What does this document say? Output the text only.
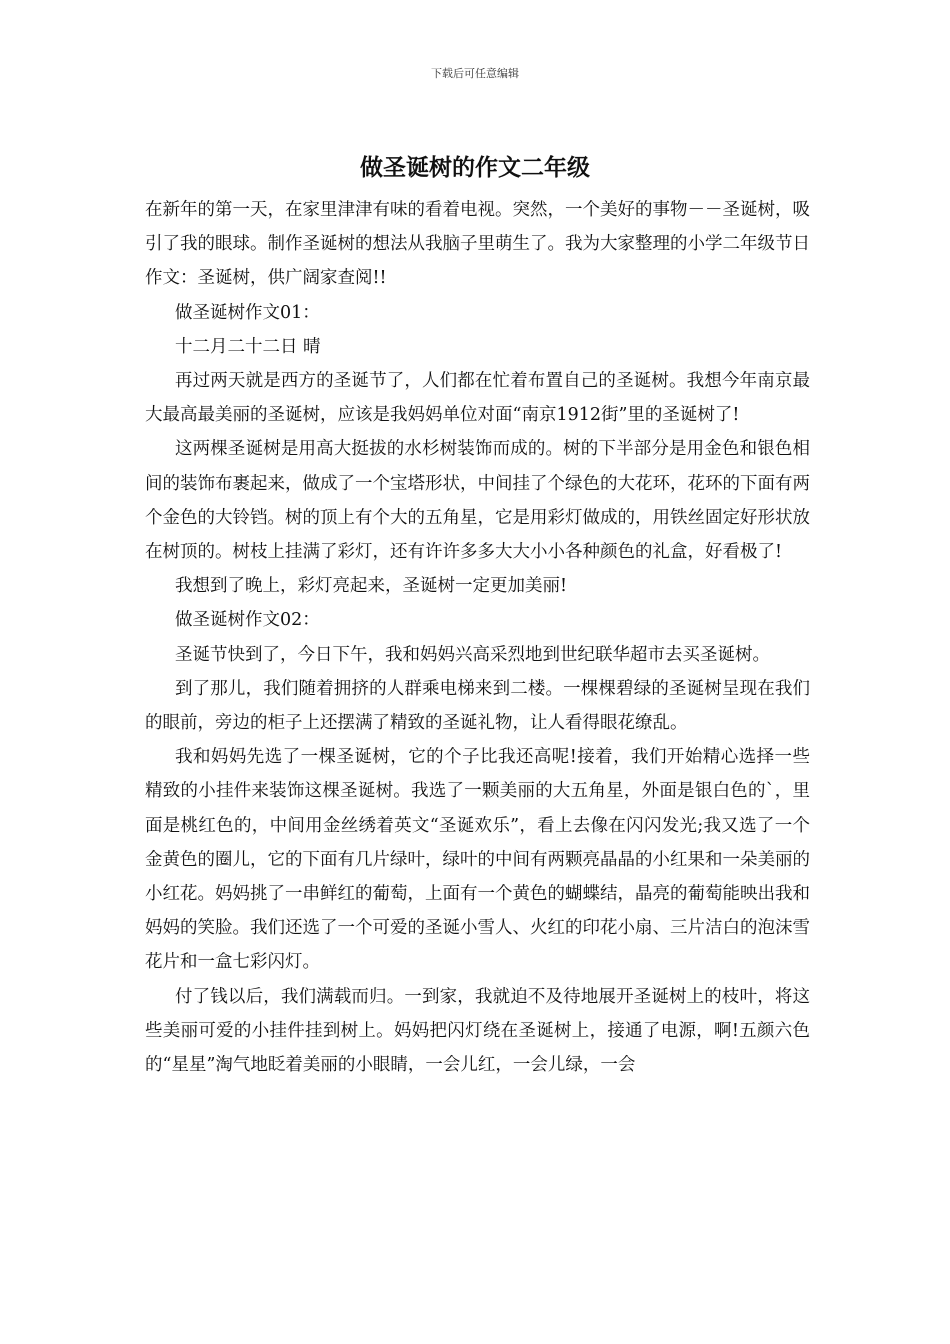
下载后可任意编辑
做圣诞树的作文二年级

在新年的第一天，在家里津津有味的看着电视。突然，一个美好的事物－－圣诞树，吸引了我的眼球。制作圣诞树的想法从我脑子里萌生了。我为大家整理的小学二年级节日作文：圣诞树，供广阔家查阅!!

做圣诞树作文01：

十二月二十二日 晴

再过两天就是西方的圣诞节了，人们都在忙着布置自己的圣诞树。我想今年南京最大最高最美丽的圣诞树，应该是我妈妈单位对面“南京1912街”里的圣诞树了!

这两棵圣诞树是用高大挺拔的水杉树装饰而成的。树的下半部分是用金色和银色相间的装饰布裹起来，做成了一个宝塔形状，中间挂了个绿色的大花环，花环的下面有两个金色的大铃铛。树的顶上有个大的五角星，它是用彩灯做成的，用铁丝固定好形状放在树顶的。树枝上挂满了彩灯，还有许许多多大大小小各种颜色的礼盒，好看极了!

我想到了晚上，彩灯亮起来，圣诞树一定更加美丽!

做圣诞树作文02：

圣诞节快到了，今日下午，我和妈妈兴高采烈地到世纪联华超市去买圣诞树。

到了那儿，我们随着拥挤的人群乘电梯来到二楼。一棵棵碧绿的圣诞树呈现在我们的眼前，旁边的柜子上还摆满了精致的圣诞礼物，让人看得眼花缭乱。

我和妈妈先选了一棵圣诞树，它的个子比我还高呢!接着，我们开始精心选择一些精致的小挂件来装饰这棵圣诞树。我选了一颗美丽的大五角星，外面是银白色的`，里面是桃红色的，中间用金丝绣着英文“圣诞欢乐”，看上去像在闪闪发光;我又选了一个金黄色的圈儿，它的下面有几片绿叶，绿叶的中间有两颗亮晶晶的小红果和一朵美丽的小红花。妈妈挑了一串鲜红的葡萄，上面有一个黄色的蝴蝶结，晶亮的葡萄能映出我和妈妈的笑脸。我们还选了一个可爱的圣诞小雪人、火红的印花小扇、三片洁白的泡沫雪花片和一盒七彩闪灯。

付了钱以后，我们满载而归。一到家，我就迫不及待地展开圣诞树上的枝叶，将这些美丽可爱的小挂件挂到树上。妈妈把闪灯绕在圣诞树上，接通了电源，啊!五颜六色的“星星”淘气地眨着美丽的小眼睛，一会儿红，一会儿绿，一会
